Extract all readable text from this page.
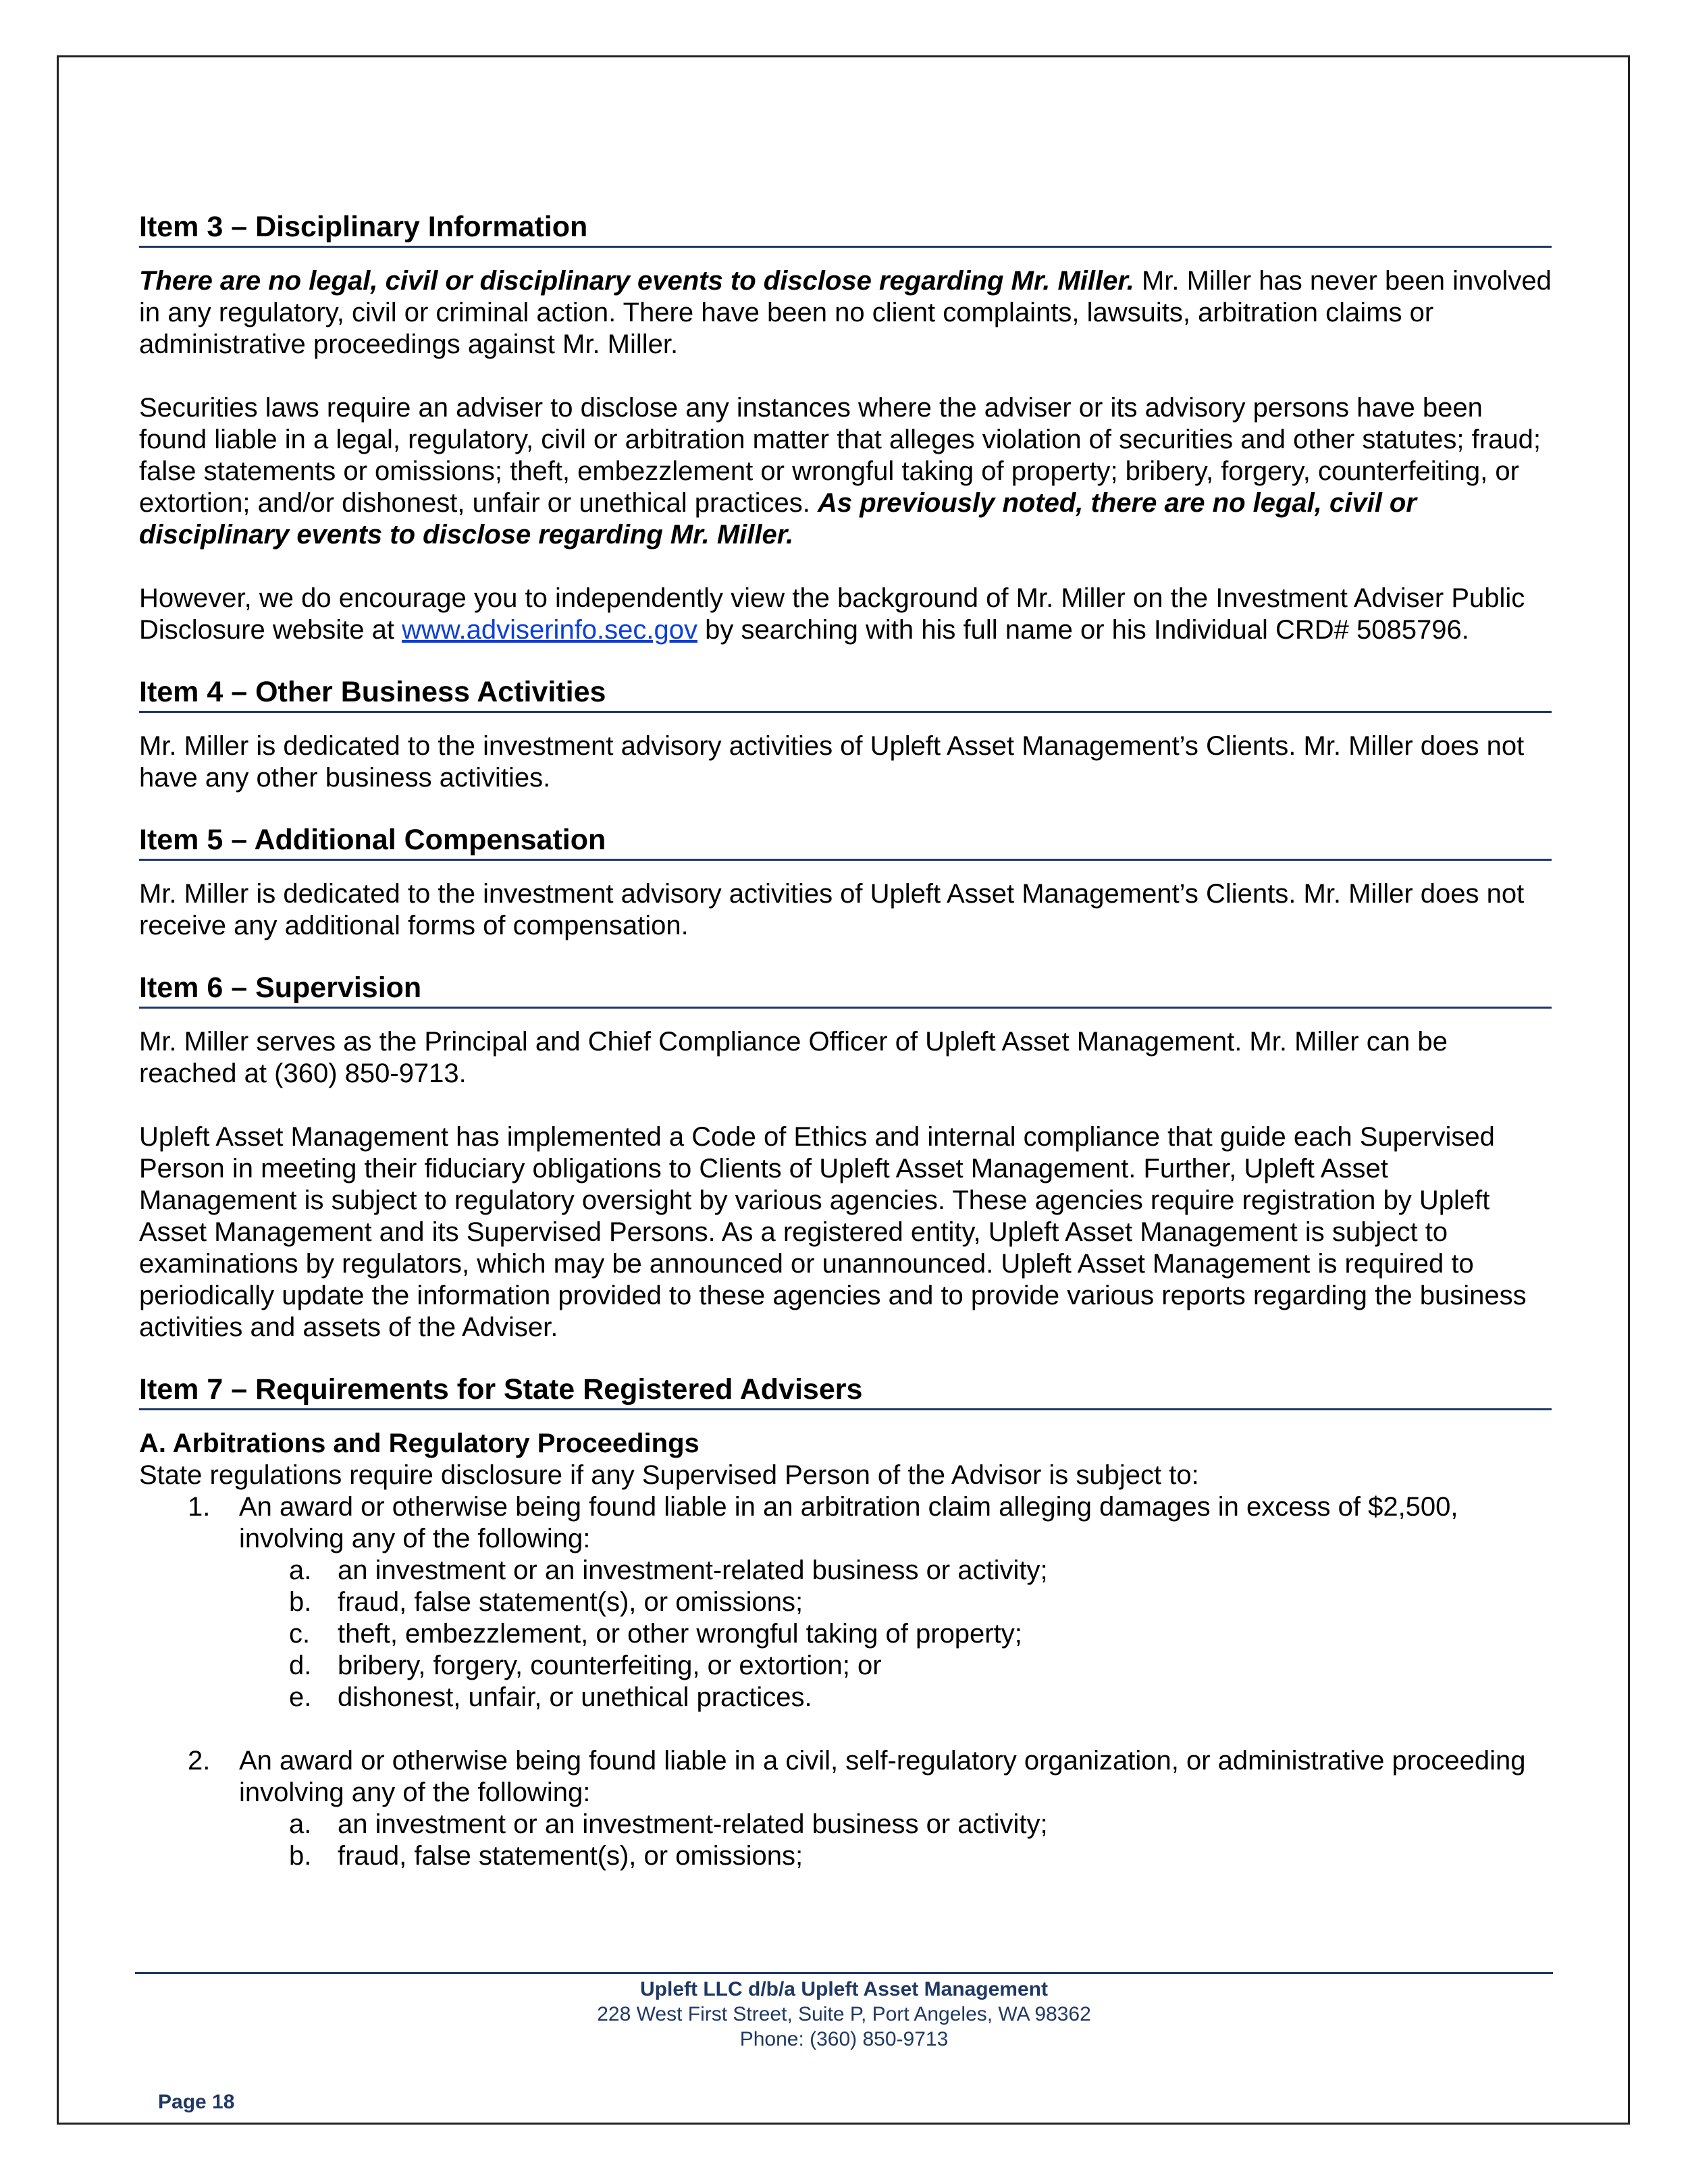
Item 3 – Disciplinary Information

There are no legal, civil or disciplinary events to disclose regarding Mr. Miller. Mr. Miller has never been involved in any regulatory, civil or criminal action. There have been no client complaints, lawsuits, arbitration claims or administrative proceedings against Mr. Miller.

Securities laws require an adviser to disclose any instances where the adviser or its advisory persons have been found liable in a legal, regulatory, civil or arbitration matter that alleges violation of securities and other statutes; fraud; false statements or omissions; theft, embezzlement or wrongful taking of property; bribery, forgery, counterfeiting, or extortion; and/or dishonest, unfair or unethical practices. As previously noted, there are no legal, civil or disciplinary events to disclose regarding Mr. Miller.

However, we do encourage you to independently view the background of Mr. Miller on the Investment Adviser Public Disclosure website at www.adviserinfo.sec.gov by searching with his full name or his Individual CRD# 5085796.

Item 4 – Other Business Activities

Mr. Miller is dedicated to the investment advisory activities of Upleft Asset Management’s Clients. Mr. Miller does not have any other business activities.

Item 5 – Additional Compensation

Mr. Miller is dedicated to the investment advisory activities of Upleft Asset Management’s Clients. Mr. Miller does not receive any additional forms of compensation.

Item 6 – Supervision

Mr. Miller serves as the Principal and Chief Compliance Officer of Upleft Asset Management. Mr. Miller can be reached at (360) 850-9713.

Upleft Asset Management has implemented a Code of Ethics and internal compliance that guide each Supervised Person in meeting their fiduciary obligations to Clients of Upleft Asset Management. Further, Upleft Asset Management is subject to regulatory oversight by various agencies. These agencies require registration by Upleft Asset Management and its Supervised Persons. As a registered entity, Upleft Asset Management is subject to examinations by regulators, which may be announced or unannounced. Upleft Asset Management is required to periodically update the information provided to these agencies and to provide various reports regarding the business activities and assets of the Adviser.

Item 7 – Requirements for State Registered Advisers

A. Arbitrations and Regulatory Proceedings

State regulations require disclosure if any Supervised Person of the Advisor is subject to:

1. An award or otherwise being found liable in an arbitration claim alleging damages in excess of $2,500, involving any of the following:
a. an investment or an investment-related business or activity;
b. fraud, false statement(s), or omissions;
c. theft, embezzlement, or other wrongful taking of property;
d. bribery, forgery, counterfeiting, or extortion; or
e. dishonest, unfair, or unethical practices.
2. An award or otherwise being found liable in a civil, self-regulatory organization, or administrative proceeding involving any of the following:
a. an investment or an investment-related business or activity;
b. fraud, false statement(s), or omissions;
Upleft LLC d/b/a Upleft Asset Management
228 West First Street, Suite P, Port Angeles, WA 98362
Phone: (360) 850-9713
Page 18
